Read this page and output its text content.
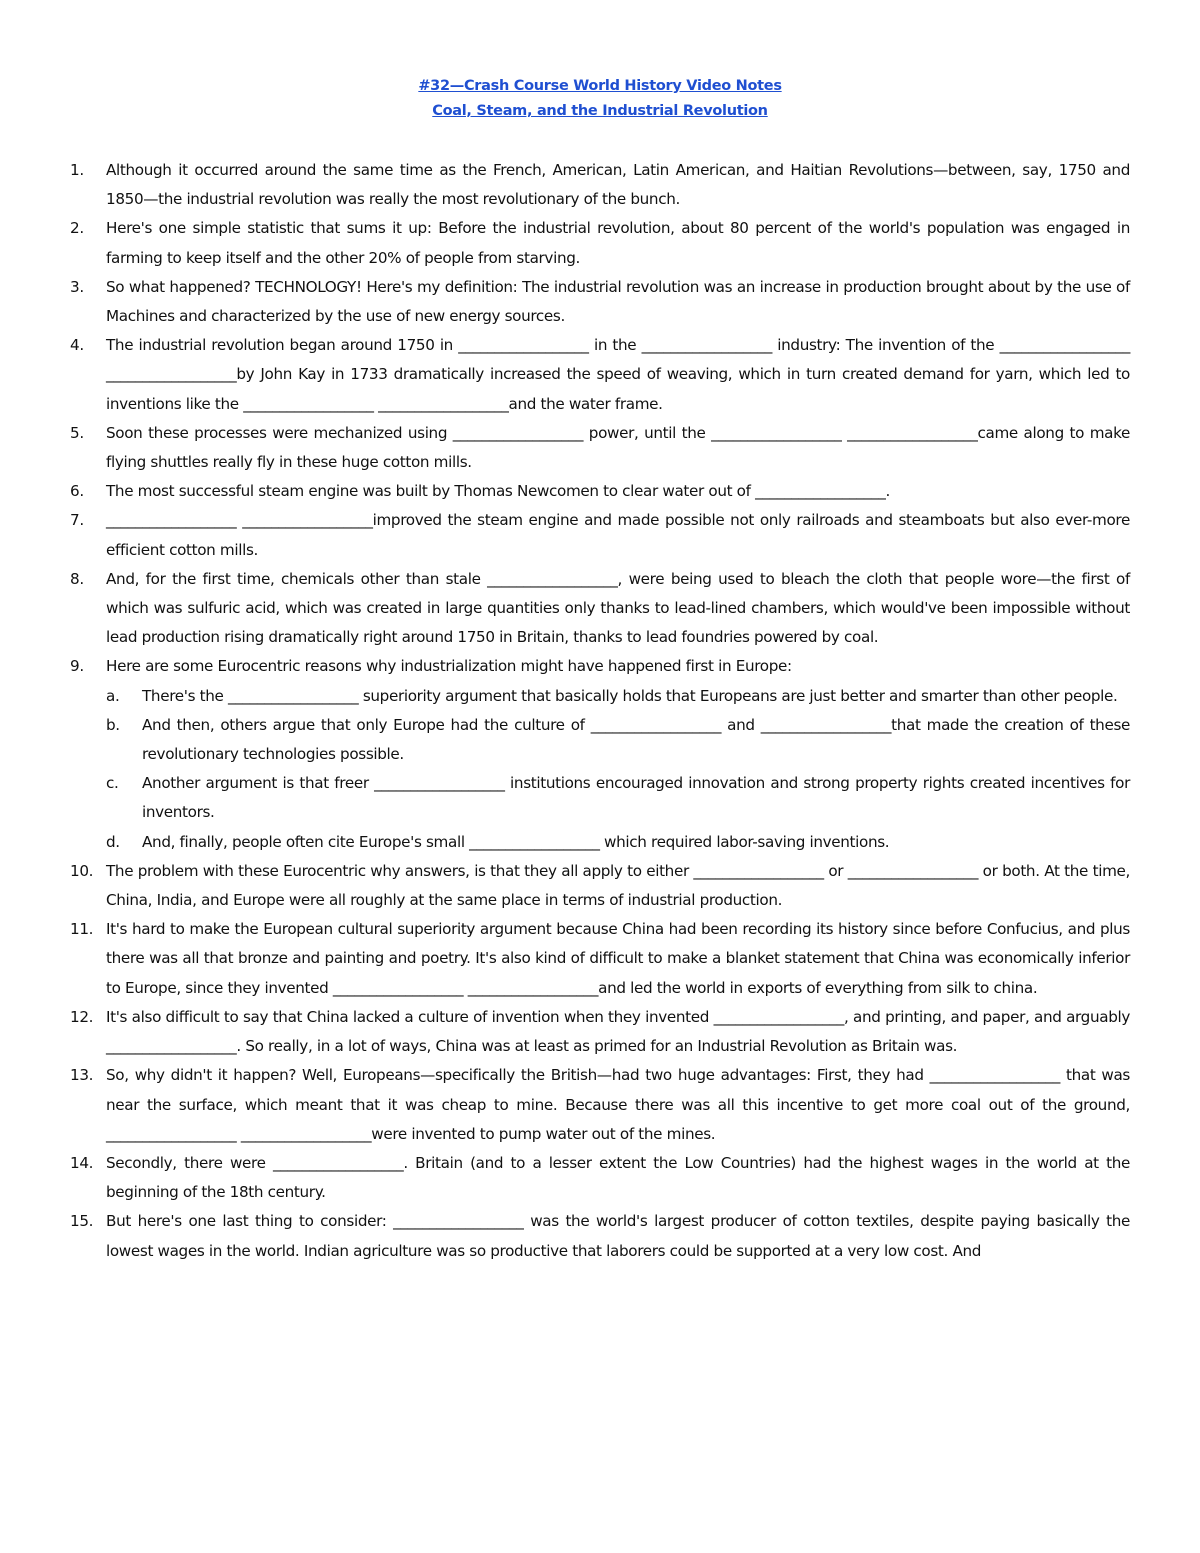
#32—Crash Course World History Video Notes
Coal, Steam, and the Industrial Revolution
1. Although it occurred around the same time as the French, American, Latin American, and Haitian Revolutions—between, say, 1750 and 1850—the industrial revolution was really the most revolutionary of the bunch.
2. Here's one simple statistic that sums it up: Before the industrial revolution, about 80 percent of the world's population was engaged in farming to keep itself and the other 20% of people from starving.
3. So what happened? TECHNOLOGY! Here's my definition: The industrial revolution was an increase in production brought about by the use of Machines and characterized by the use of new energy sources.
4. The industrial revolution began around 1750 in __________________ in the __________________ industry: The invention of the __________________ __________________by John Kay in 1733 dramatically increased the speed of weaving, which in turn created demand for yarn, which led to inventions like the __________________ __________________and the water frame.
5. Soon these processes were mechanized using __________________ power, until the __________________ __________________came along to make flying shuttles really fly in these huge cotton mills.
6. The most successful steam engine was built by Thomas Newcomen to clear water out of __________________.
7. __________________ __________________improved the steam engine and made possible not only railroads and steamboats but also ever-more efficient cotton mills.
8. And, for the first time, chemicals other than stale __________________, were being used to bleach the cloth that people wore—the first of which was sulfuric acid, which was created in large quantities only thanks to lead-lined chambers, which would've been impossible without lead production rising dramatically right around 1750 in Britain, thanks to lead foundries powered by coal.
9. Here are some Eurocentric reasons why industrialization might have happened first in Europe:
a. There's the __________________ superiority argument that basically holds that Europeans are just better and smarter than other people.
b. And then, others argue that only Europe had the culture of __________________ and __________________that made the creation of these revolutionary technologies possible.
c. Another argument is that freer __________________ institutions encouraged innovation and strong property rights created incentives for inventors.
d. And, finally, people often cite Europe's small __________________ which required labor-saving inventions.
10. The problem with these Eurocentric why answers, is that they all apply to either __________________ or __________________ or both. At the time, China, India, and Europe were all roughly at the same place in terms of industrial production.
11. It's hard to make the European cultural superiority argument because China had been recording its history since before Confucius, and plus there was all that bronze and painting and poetry. It's also kind of difficult to make a blanket statement that China was economically inferior to Europe, since they invented __________________ __________________and led the world in exports of everything from silk to china.
12. It's also difficult to say that China lacked a culture of invention when they invented __________________, and printing, and paper, and arguably __________________. So really, in a lot of ways, China was at least as primed for an Industrial Revolution as Britain was.
13. So, why didn't it happen? Well, Europeans—specifically the British—had two huge advantages: First, they had __________________ that was near the surface, which meant that it was cheap to mine. Because there was all this incentive to get more coal out of the ground, __________________ __________________were invented to pump water out of the mines.
14. Secondly, there were __________________. Britain (and to a lesser extent the Low Countries) had the highest wages in the world at the beginning of the 18th century.
15. But here's one last thing to consider: __________________ was the world's largest producer of cotton textiles, despite paying basically the lowest wages in the world. Indian agriculture was so productive that laborers could be supported at a very low cost. And
